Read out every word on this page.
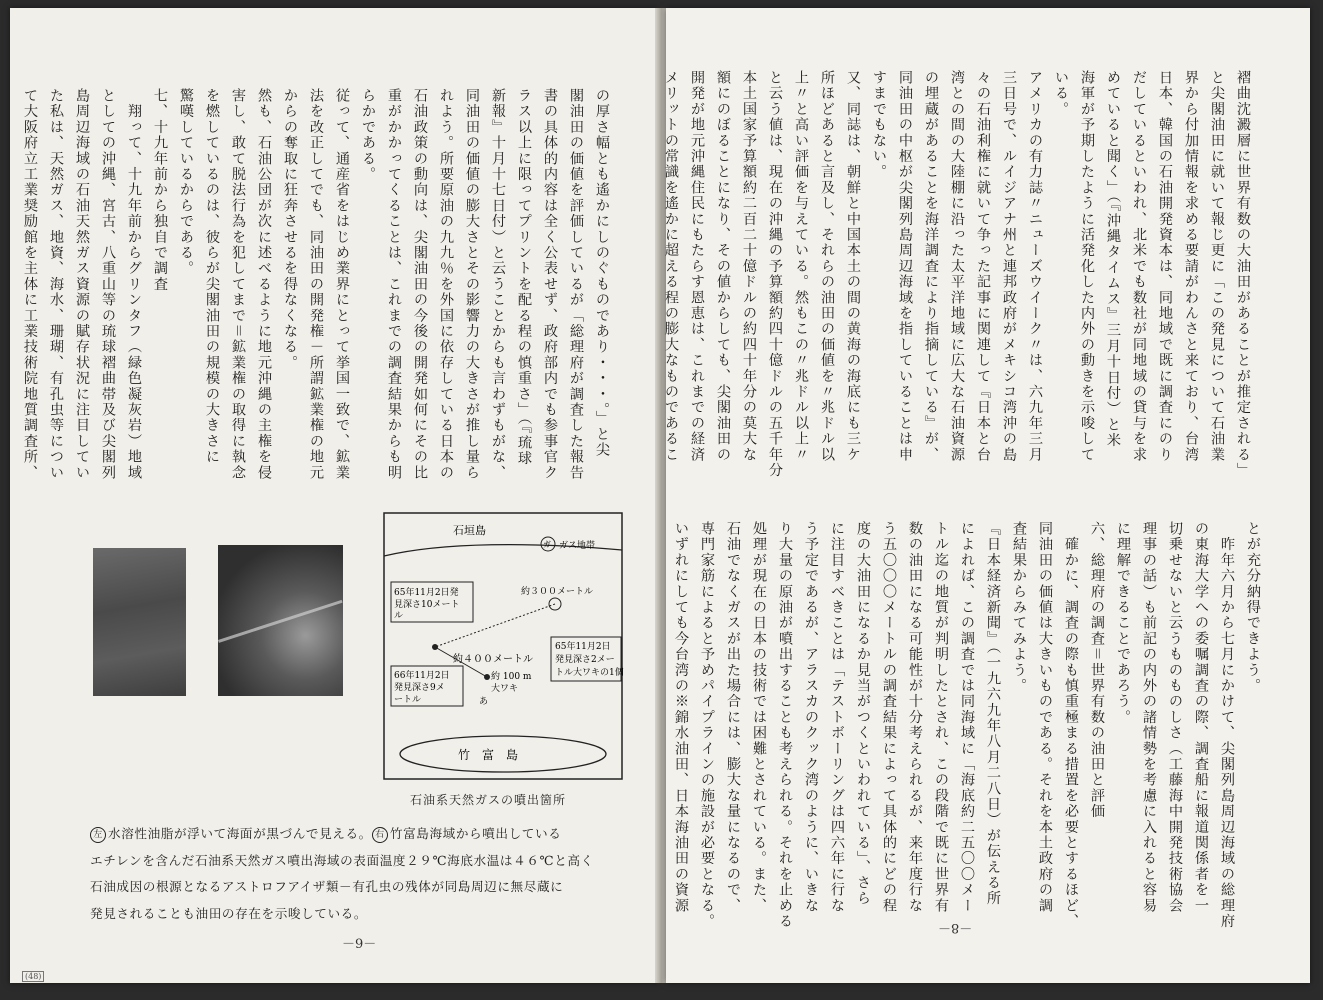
の厚さ幅とも遙かにしのぐものであり・・・。」と尖
閣油田の価値を評価しているが「総理府が調査した報告
書の具体的内容は全く公表せず、政府部内でも参事官ク
ラス以上に限ってプリントを配る程の慎重さ」（『琉球
新報』十月十七日付）と云うことからも言わずもがな、
同油田の価値の膨大さとその影響力の大きさが推し量ら
れよう。所要原油の九九％を外国に依存している日本の
石油政策の動向は、尖閣油田の今後の開発如何にその比
重がかかってくることは、これまでの調査結果からも明
らかである。
従って、通産省をはじめ業界にとって挙国一致で、鉱業
法を改正してでも、同油田の開発権－所謂鉱業権の地元
からの奪取に狂奔させるを得なくなる。
然も、石油公団が次に述べるように地元沖縄の主権を侵
害し、敢て脱法行為を犯してまで＝鉱業権の取得に執念
を燃しているのは、彼らが尖閣油田の規模の大きさに
驚嘆しているからである。
七、十九年前から独自で調査
　翔って、十九年前からグリンタフ（緑色凝灰岩）地域
としての沖縄、宮古、八重山等の琉球褶曲帯及び尖閣列
島周辺海域の石油天然ガス資源の賦存状況に注目してい
た私は、天然ガス、地資、海水、珊瑚、有孔虫等につい
て大阪府立工業奨励館を主体に工業技術院地質調査所、
石垣島
ガ ガス地帯
約３００メートル
約４００メートル
約 100 m
大ワキ
あ
65年11月2日発
見深さ10メート
ル
65年11月2日
発見深さ2メー
トル大ワキの1個
66年11月2日
発見深さ9メ
ートル
竹　富　島
石油系天然ガスの噴出箇所
左 水溶性油脂が浮いて海面が黒づんで見える。 右 竹富島海域から噴出している
エチレンを含んだ石油系天然ガス噴出海域の表面温度２９℃海底水温は４６℃と高く
石油成因の根源となるアストロフアイザ類－有孔虫の残体が同島周辺に無尽蔵に
発見されることも油田の存在を示唆している。
－9－
(48)
褶曲沈澱層に世界有数の大油田があることが推定される」
と尖閣油田に就いて報じ更に「この発見について石油業
界から付加情報を求める要請がわんさと来ており、台湾
日本、韓国の石油開発資本は、同地域で既に調査にのり
だしているといわれ、北米でも数社が同地域の貸与を求
めていると聞く」（『沖縄タイムス』三月十日付）と米
海軍が予期したように活発化した内外の動きを示唆して
いる。
アメリカの有力誌〃ニューズウイーク〃は、六九年三月
三日号で、ルイジアナ州と連邦政府がメキシコ湾沖の島
々の石油利権に就いて争った記事に関連して『日本と台
湾との間の大陸棚に沿った太平洋地域に広大な石油資源
の埋蔵があることを海洋調査により指摘している』が、
同油田の中枢が尖閣列島周辺海域を指していることは申
すまでもない。
又、同誌は、朝鮮と中国本土の間の黄海の海底にも三ケ
所ほどあると言及し、それらの油田の価値を〃兆ドル以
上〃と高い評価を与えている。然もこの〃兆ドル以上〃
と云う値は、現在の沖縄の予算額約四十億ドルの五千年分
本土国家予算額約二百二十億ドルの約四十年分の莫大な
額にのぼることになり、その値からしても、尖閣油田の
開発が地元沖縄住民にもたらす恩恵は、これまでの経済
メリットの常識を遙かに超える程の膨大なものであるこ
とが充分納得できよう。
　昨年六月から七月にかけて、尖閣列島周辺海域の総理府
の東海大学への委嘱調査の際、調査船に報道関係者を一
切乗せないと云うものものしさ（工藤海中開発技術協会
理事の話）も前記の内外の諸情勢を考慮に入れると容易
に理解できることであろう。
六、総理府の調査＝世界有数の油田と評価
　確かに、調査の際も慎重極まる措置を必要とするほど、
同油田の価値は大きいものである。それを本土政府の調
査結果からみてみよう。
『日本経済新聞』（一九六九年八月二八日）が伝える所
によれば、この調査では同海域に「海底約二五〇〇メー
トル迄の地質が判明したとされ、この段階で既に世界有
数の油田になる可能性が十分考えられるが、来年度行な
う五〇〇〇メートルの調査結果によって具体的にどの程
度の大油田になるか見当がつくといわれている」、さら
に注目すべきことは「テストボーリングは四六年に行な
う予定であるが、アラスカのクック湾のように、いきな
り大量の原油が噴出することも考えられる。それを止める
処理が現在の日本の技術では困難とされている。また、
石油でなくガスが出た場合には、膨大な量になるので、
専門家筋によると予めパイプラインの施設が必要となる。
いずれにしても今台湾の※錦水油田、日本海油田の資源
－8－
